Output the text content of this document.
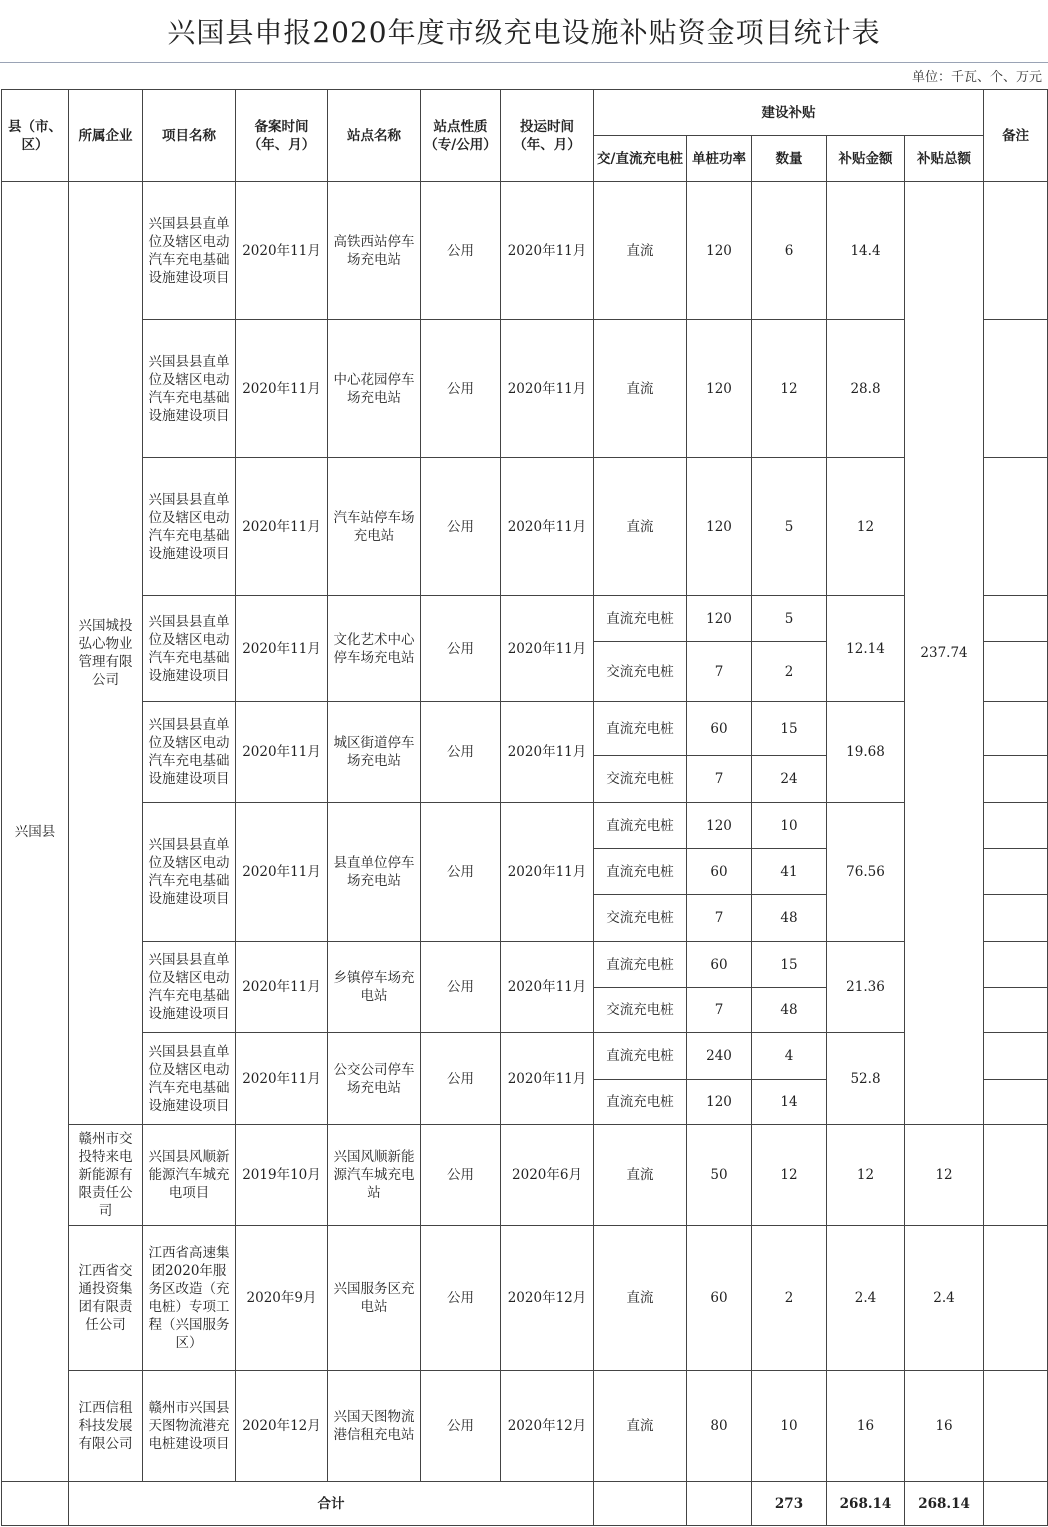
兴国县申报2020年度市级充电设施补贴资金项目统计表
单位：千瓦、个、万元
县（市、区）	所属企业	项目名称	备案时间（年、月）	站点名称	站点性质（专/公用）	投运时间（年、月）	建设补贴					备注
							交/直流充电桩	单桩功率	数量	补贴金额	补贴总额	
兴国县	兴国城投弘心物业管理有限公司	兴国县县直单位及辖区电动汽车充电基础设施建设项目	2020年11月	高铁西站停车场充电站	公用	2020年11月	直流	120	6	14.4	237.74	
		兴国县县直单位及辖区电动汽车充电基础设施建设项目	2020年11月	中心花园停车场充电站	公用	2020年11月	直流	120	12	28.8		
		兴国县县直单位及辖区电动汽车充电基础设施建设项目	2020年11月	汽车站停车场充电站	公用	2020年11月	直流	120	5	12		
		兴国县县直单位及辖区电动汽车充电基础设施建设项目	2020年11月	文化艺术中心停车场充电站	公用	2020年11月	直流充电桩	120	5	12.14		
							交流充电桩	7	2			
		兴国县县直单位及辖区电动汽车充电基础设施建设项目	2020年11月	城区街道停车场充电站	公用	2020年11月	直流充电桩	60	15	19.68		
							交流充电桩	7	24			
		兴国县县直单位及辖区电动汽车充电基础设施建设项目	2020年11月	县直单位停车场充电站	公用	2020年11月	直流充电桩	120	10	76.56		
							直流充电桩	60	41			
							交流充电桩	7	48			
		兴国县县直单位及辖区电动汽车充电基础设施建设项目	2020年11月	乡镇停车场充电站	公用	2020年11月	直流充电桩	60	15	21.36		
							交流充电桩	7	48			
		兴国县县直单位及辖区电动汽车充电基础设施建设项目	2020年11月	公交公司停车场充电站	公用	2020年11月	直流充电桩	240	4	52.8		
							直流充电桩	120	14			
	赣州市交投特来电新能源有限责任公司	兴国县风顺新能源汽车城充电项目	2019年10月	兴国风顺新能源汽车城充电站	公用	2020年6月	直流	50	12	12	12	
	江西省交通投资集团有限责任公司	江西省高速集团2020年服务区改造（充电桩）专项工程（兴国服务区）	2020年9月	兴国服务区充电站	公用	2020年12月	直流	60	2	2.4	2.4	
	江西信租科技发展有限公司	赣州市兴国县天图物流港充电桩建设项目	2020年12月	兴国天图物流港信租充电站	公用	2020年12月	直流	80	10	16	16	
	合计								273	268.14	268.14	
